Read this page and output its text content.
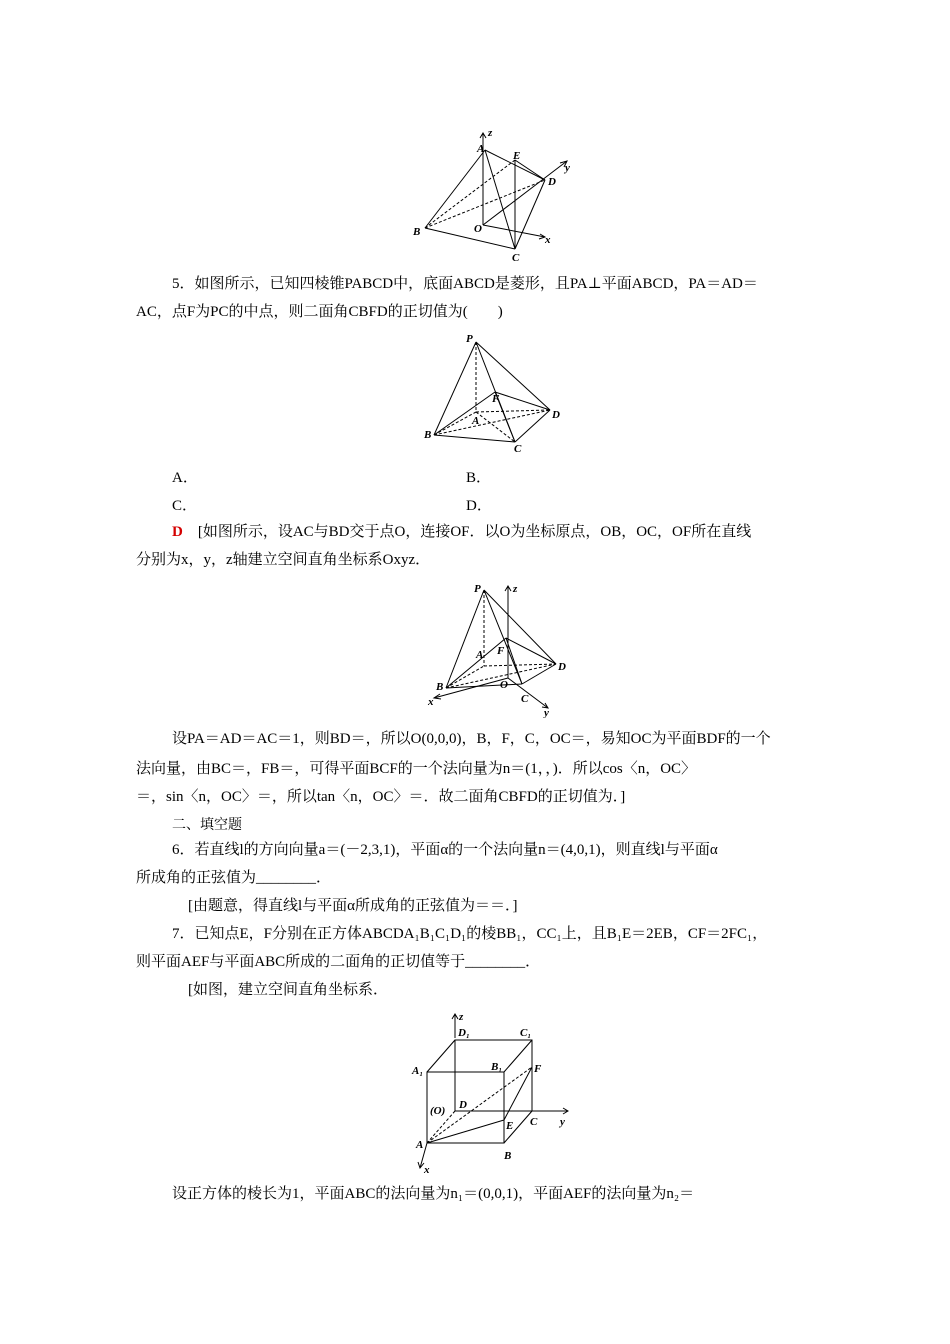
z
A
E
y
D
B	O
x
C
5．如图所示，已知四棱锥PABCD中，底面ABCD是菱形，且PA⊥平面ABCD，PA＝AD＝
AC，点F为PC的中点，则二面角CBFD的正切值为(　　)
P
F
A
B
D
C
A．	B．
C．	D．
D  [如图所示，设AC与BD交于点O，连接OF．以O为坐标原点，OB，OC，OF所在直线
分别为x，y，z轴建立空间直角坐标系Oxyz．
P	z
A F
D
B	O
C
x
y
设PA＝AD＝AC＝1，则BD＝，所以O(0,0,0)，B，F，C，OC＝，易知OC为平面BDF的一个
法向量，由BC＝，FB＝，可得平面BCF的一个法向量为n＝(1，，)．所以cos〈n，OC〉
＝，sin〈n，OC〉＝，所以tan〈n，OC〉＝．故二面角CBFD的正切值为．]
二、填空题
6．若直线l的方向向量a＝(－2,3,1)，平面α的一个法向量n＝(4,0,1)，则直线l与平面α
所成角的正弦值为________．
[由题意，得直线l与平面α所成角的正弦值为＝＝．]
7．已知点E，F分别在正方体ABCDA₁B₁C₁D₁的棱BB₁，CC₁上，且B₁E＝2EB，CF＝2FC₁，
则平面AEF与平面ABC所成的二面角的正切值等于________．
[如图，建立空间直角坐标系．
z
D₁	C₁
A₁	B₁	F
D
(O)
C y
A
E
B
x
设正方体的棱长为1，平面ABC的法向量为n₁＝(0,0,1)，平面AEF的法向量为n₂＝
